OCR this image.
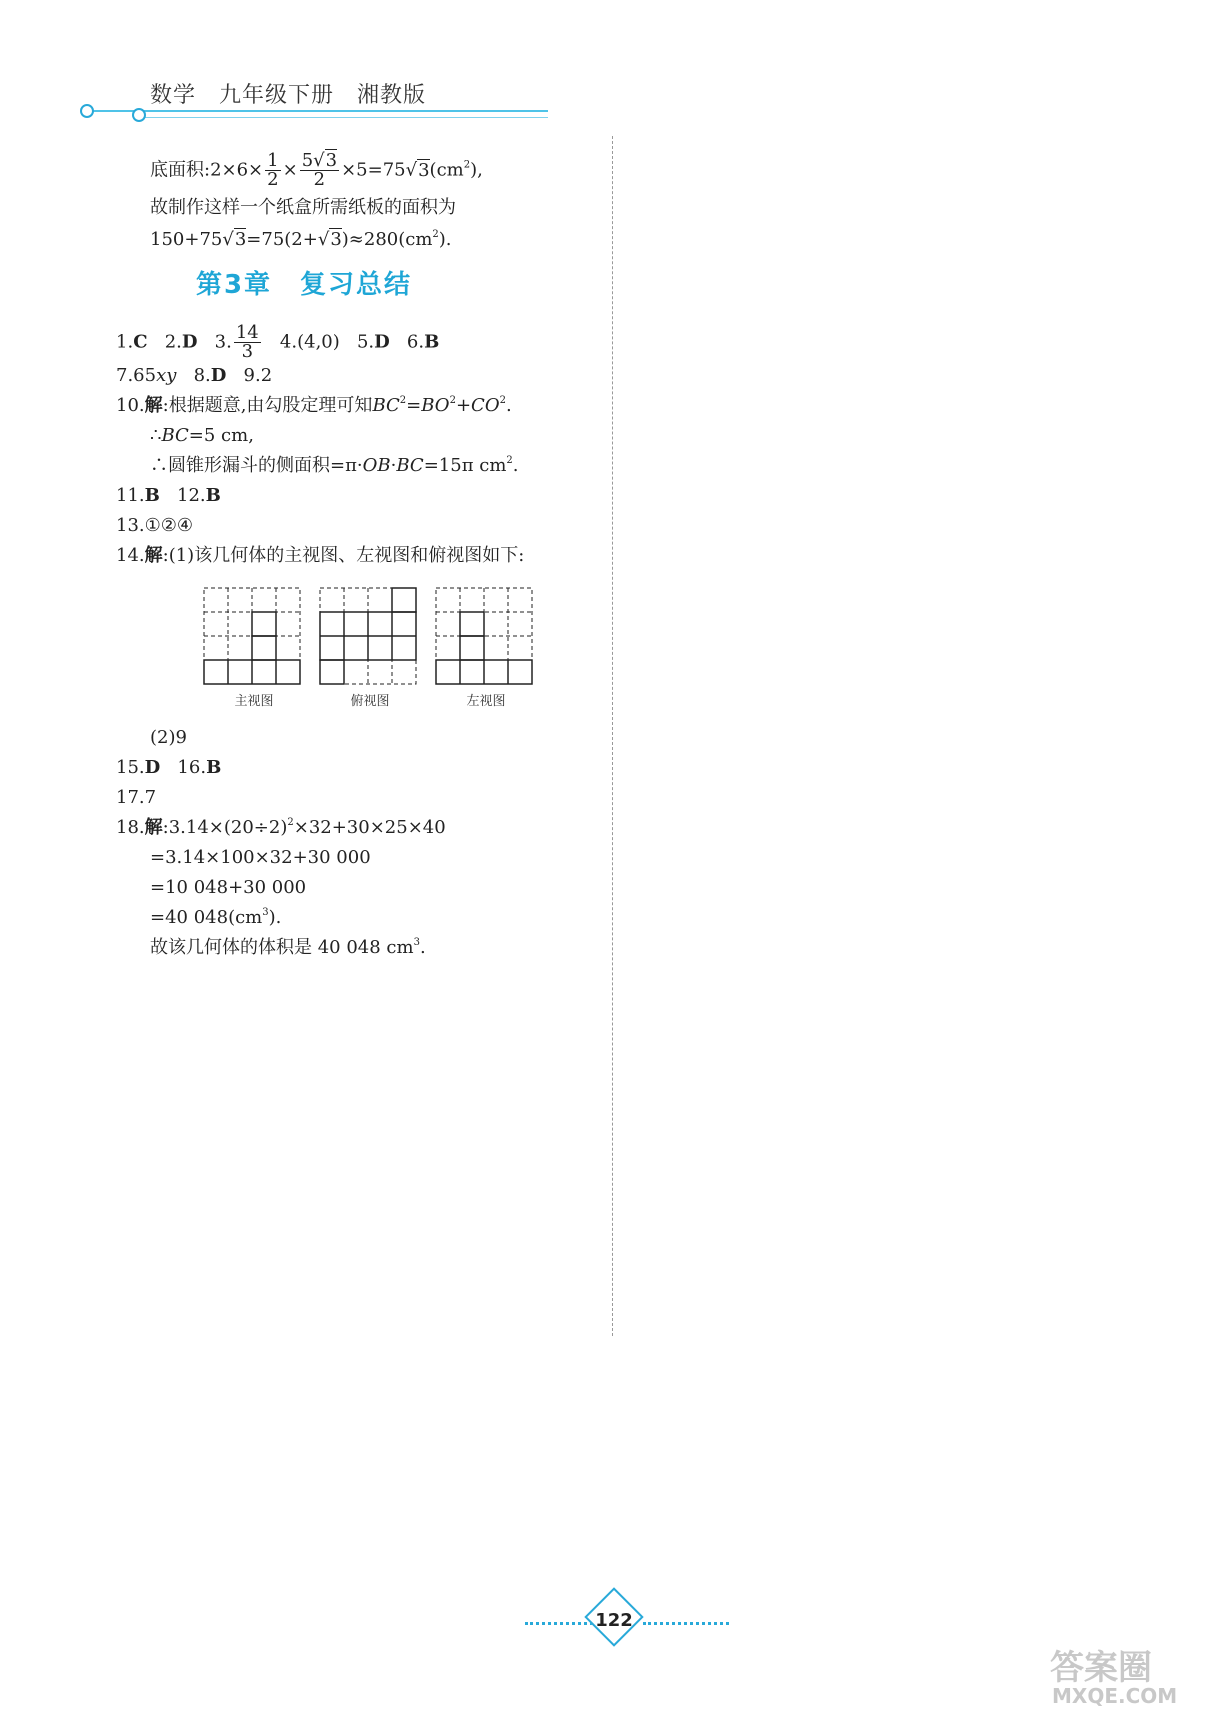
数学　九年级下册　湘教版
底面积:2×6× $\frac{1}{2} \times \frac{5√3}{2} \times 5=75√3(cm^2)$,
故制作这样一个纸盒所需纸板的面积为
$150+75√3=75(2+√3)\approx 280(cm^2)$.
第3章　复习总结
1.C 2.D 3. $\frac{14}{3} 4.(4,0)$ 5.D 6.B
7.65xy 8.D 9.2
10.解:根据题意,由勾股定理可知$BC^2=BO^2+CO^2$.
∴BC=5 cm,
∴圆锥形漏斗的侧面积=π·OB·BC=15π $cm^2$.
11.B 12.B
13.①②④
14.解:(1)该几何体的主视图、左视图和俯视图如下:
主视图	俯视图	左视图
(2)9
15.D 16.B
17.7
18.解$:3.14\times(20\div 2)^2\times 32+30\times 25\times 40$
=3.14×100×32+30 000
=10 048+30 000
=40 $048(cm^3)$.
故该几何体的体积是 40 048 $cm^3$.
122
答案圈
MXQE.COM
